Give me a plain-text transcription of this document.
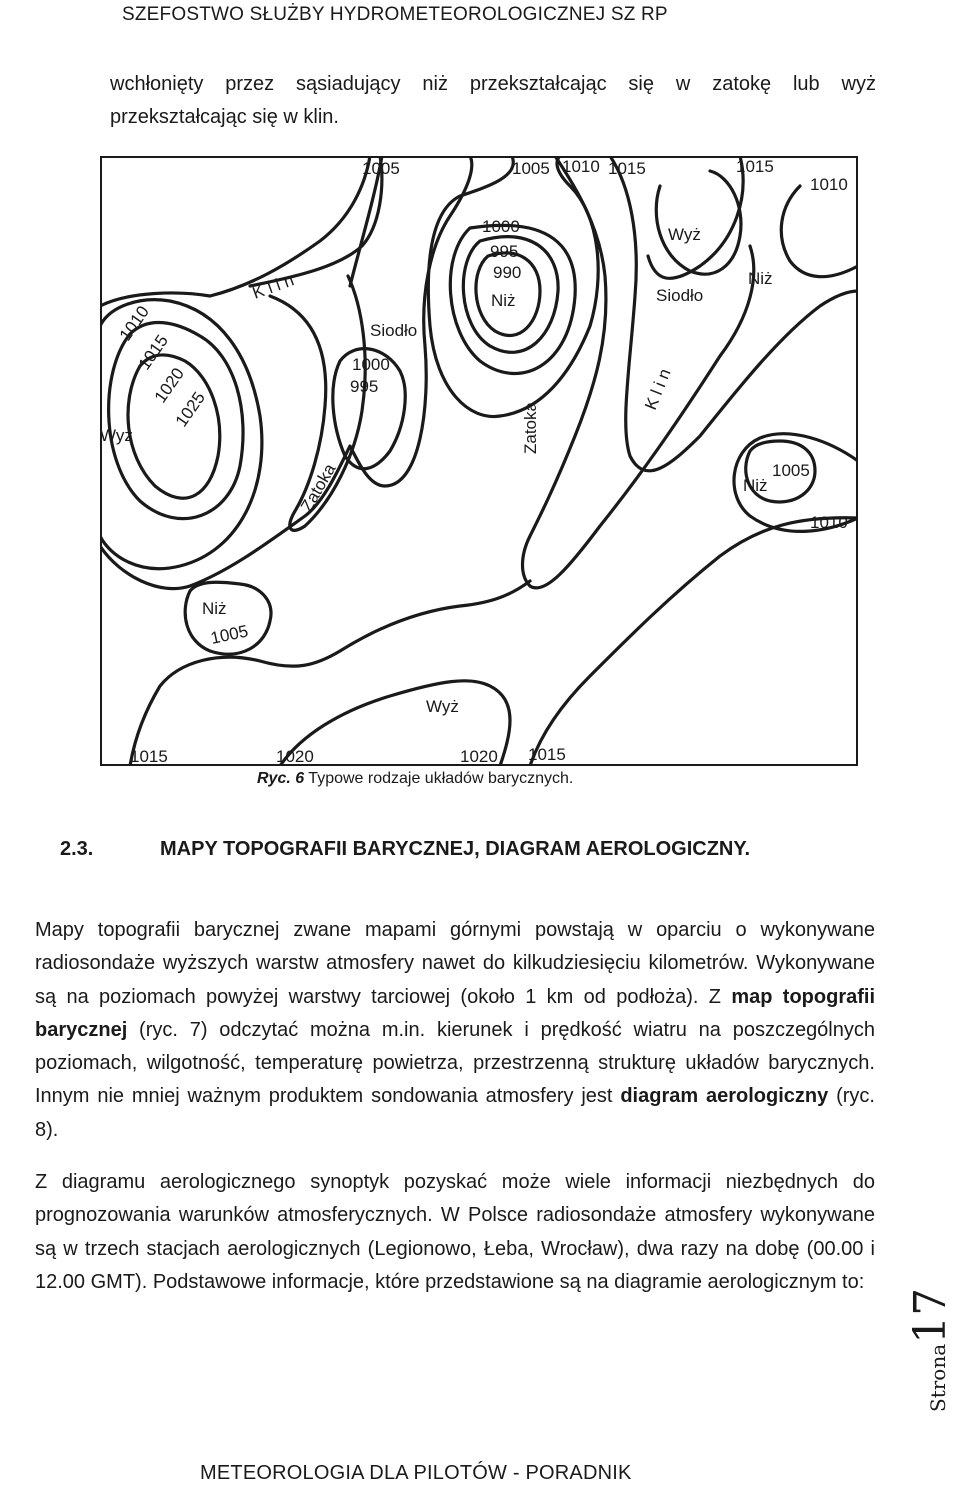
SZEFOSTWO SŁUŻBY HYDROMETEOROLOGICZNEJ SZ RP

wchłonięty przez sąsiadujący niż przekształcając się w zatokę lub wyż

przekształcając się w klin.

1005	1005 1010 1015	1015
1010
1000
995
990
Niż
Wyż
Niż
Siodło
K l i n
Siodło
1000
995
1010
1015
1020
1025
Wyż	Zatoka
K l i n
Zatoka	Niż
1005
1010
Niż
1005
Wyż
1015	1020	1020 1015
Ryc. 6 Typowe rodzaje układów barycznych.
2.3.	MAPY TOPOGRAFII BARYCZNEJ, DIAGRAM AEROLOGICZNY.

Mapy topografii barycznej zwane mapami górnymi powstają w oparciu o wykonywane radiosondaże wyższych warstw atmosfery nawet do kilkudziesięciu kilometrów. Wykonywane są na poziomach powyżej warstwy tarciowej (około 1 km od podłoża). Z map topografii barycznej (ryc. 7) odczytać można m.in. kierunek i prędkość wiatru na poszczególnych poziomach, wilgotność, temperaturę powietrza, przestrzenną strukturę układów barycznych. Innym nie mniej ważnym produktem sondowania atmosfery jest diagram aerologiczny (ryc. 8).

Z diagramu aerologicznego synoptyk pozyskać może wiele informacji niezbędnych do prognozowania warunków atmosferycznych. W Polsce radiosondaże atmosfery wykonywane są w trzech stacjach aerologicznych (Legionowo, Łeba, Wrocław), dwa razy na dobę (00.00 i 12.00 GMT). Podstawowe informacje, które przedstawione są na diagramie aerologicznym to:

Strona17
METEOROLOGIA DLA PILOTÓW - PORADNIK
